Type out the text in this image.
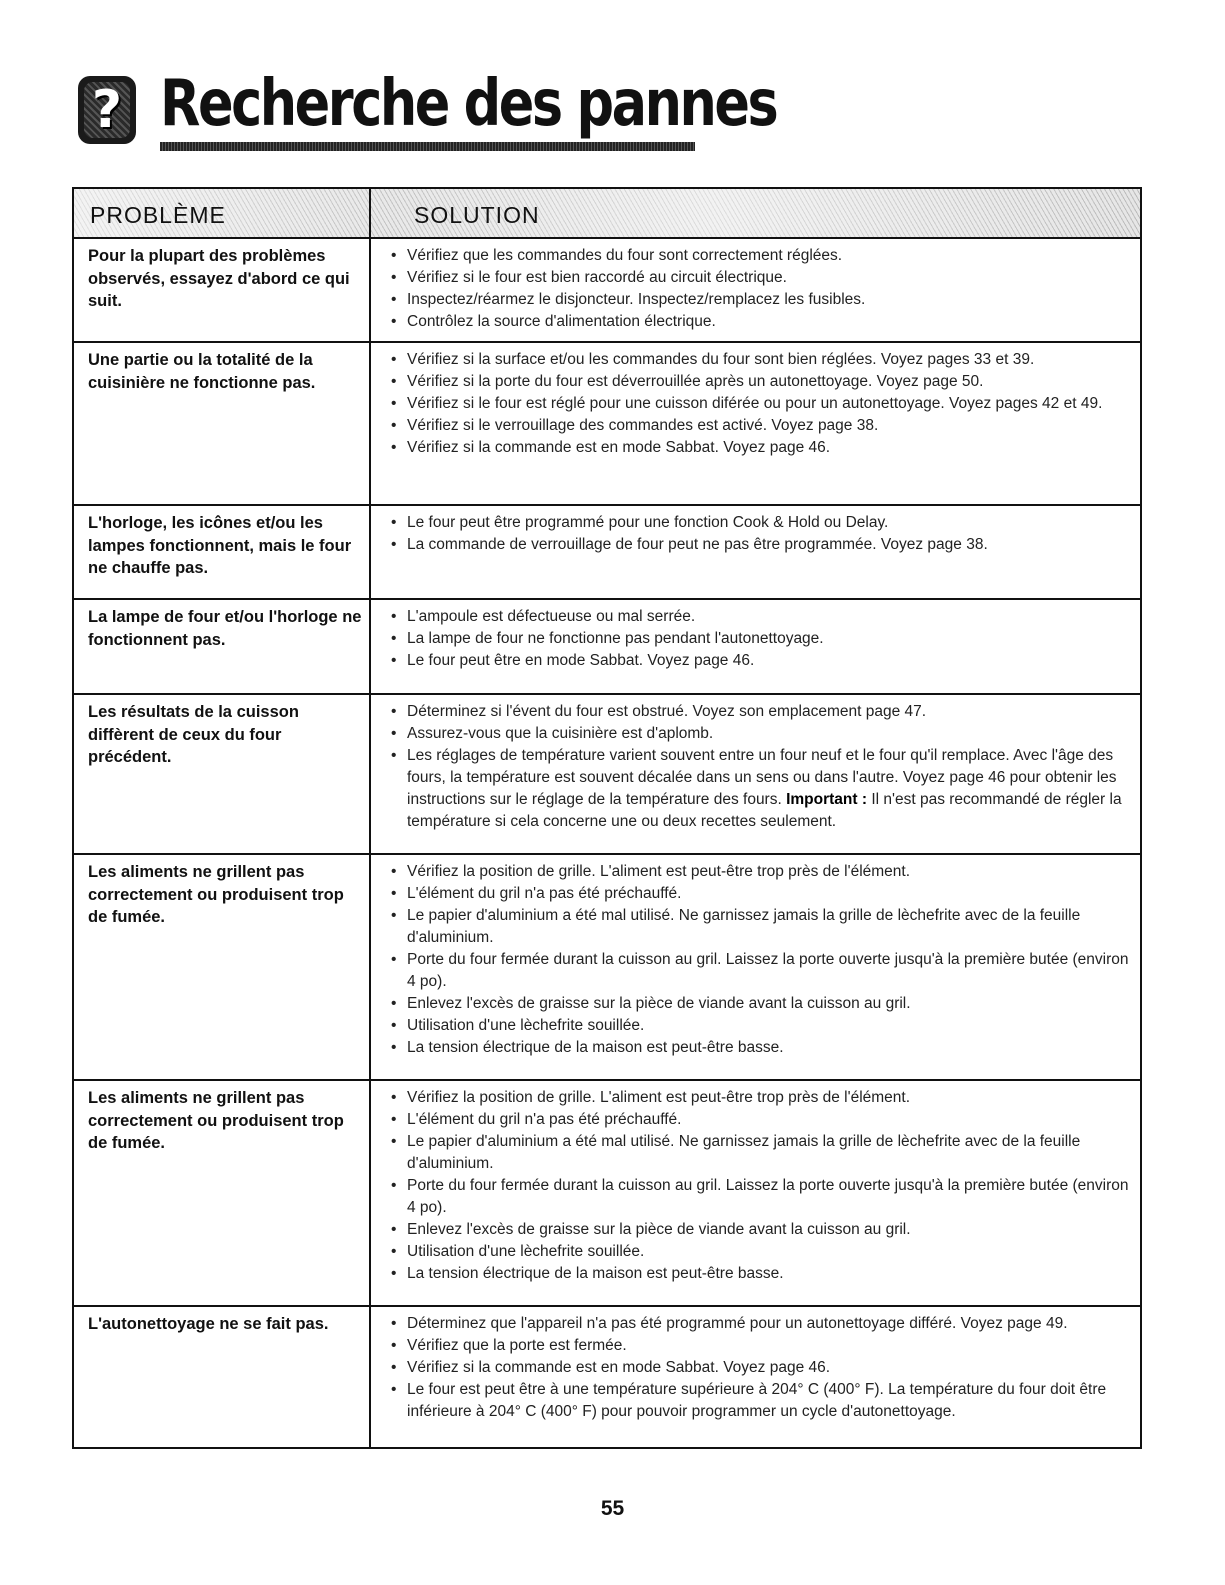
? Recherche des pannes
PROBLÈME	SOLUTION

Pour la plupart des problèmes observés, essayez d'abord ce qui suit.

• Vérifiez que les commandes du four sont correctement réglées.
• Vérifiez si le four est bien raccordé au circuit électrique.
• Inspectez/réarmez le disjoncteur. Inspectez/remplacez les fusibles.
• Contrôlez la source d'alimentation électrique.

Une partie ou la totalité de la cuisinière ne fonctionne pas.

• Vérifiez si la surface et/ou les commandes du four sont bien réglées. Voyez pages 33 et 39.
• Vérifiez si la porte du four est déverrouillée après un autonettoyage. Voyez page 50.
• Vérifiez si le four est réglé pour une cuisson diférée ou pour un autonettoyage. Voyez pages 42 et 49.
• Vérifiez si le verrouillage des commandes est activé. Voyez page 38.
• Vérifiez si la commande est en mode Sabbat. Voyez page 46.

L'horloge, les icônes et/ou les lampes fonctionnent, mais le four ne chauffe pas.

• Le four peut être programmé pour une fonction Cook & Hold ou Delay.
• La commande de verrouillage de four peut ne pas être programmée. Voyez page 38.

La lampe de four et/ou l'horloge ne fonctionnent pas.

• L'ampoule est défectueuse ou mal serrée.
• La lampe de four ne fonctionne pas pendant l'autonettoyage.
• Le four peut être en mode Sabbat. Voyez page 46.

Les résultats de la cuisson diffèrent de ceux du four précédent.

• Déterminez si l'évent du four est obstrué. Voyez son emplacement page 47.
• Assurez-vous que la cuisinière est d'aplomb.
• Les réglages de température varient souvent entre un four neuf et le four qu'il remplace. Avec l'âge des fours, la température est souvent décalée dans un sens ou dans l'autre. Voyez page 46 pour obtenir les instructions sur le réglage de la température des fours. Important : Il n'est pas recommandé de régler la température si cela concerne une ou deux recettes seulement.

Les aliments ne grillent pas correctement ou produisent trop de fumée.

• Vérifiez la position de grille. L'aliment est peut-être trop près de l'élément.
• L'élément du gril n'a pas été préchauffé.
• Le papier d'aluminium a été mal utilisé. Ne garnissez jamais la grille de lèchefrite avec de la feuille d'aluminium.
• Porte du four fermée durant la cuisson au gril. Laissez la porte ouverte jusqu'à la première butée (environ 4 po).
• Enlevez l'excès de graisse sur la pièce de viande avant la cuisson au gril.
• Utilisation d'une lèchefrite souillée.
• La tension électrique de la maison est peut-être basse.

Les aliments ne grillent pas correctement ou produisent trop de fumée.

• Vérifiez la position de grille. L'aliment est peut-être trop près de l'élément.
• L'élément du gril n'a pas été préchauffé.
• Le papier d'aluminium a été mal utilisé. Ne garnissez jamais la grille de lèchefrite avec de la feuille d'aluminium.
• Porte du four fermée durant la cuisson au gril. Laissez la porte ouverte jusqu'à la première butée (environ 4 po).
• Enlevez l'excès de graisse sur la pièce de viande avant la cuisson au gril.
• Utilisation d'une lèchefrite souillée.
• La tension électrique de la maison est peut-être basse.

L'autonettoyage ne se fait pas.

•	Déterminez que l'appareil n'a pas été programmé pour un autonettoyage différé. Voyez page 49.
• Vérifiez que la porte est fermée.
• Vérifiez si la commande est en mode Sabbat. Voyez page 46.
• Le four est peut être à une température supérieure à 204° C (400° F). La température du four doit être inférieure à 204° C (400° F) pour pouvoir programmer un cycle d'autonettoyage.
55
